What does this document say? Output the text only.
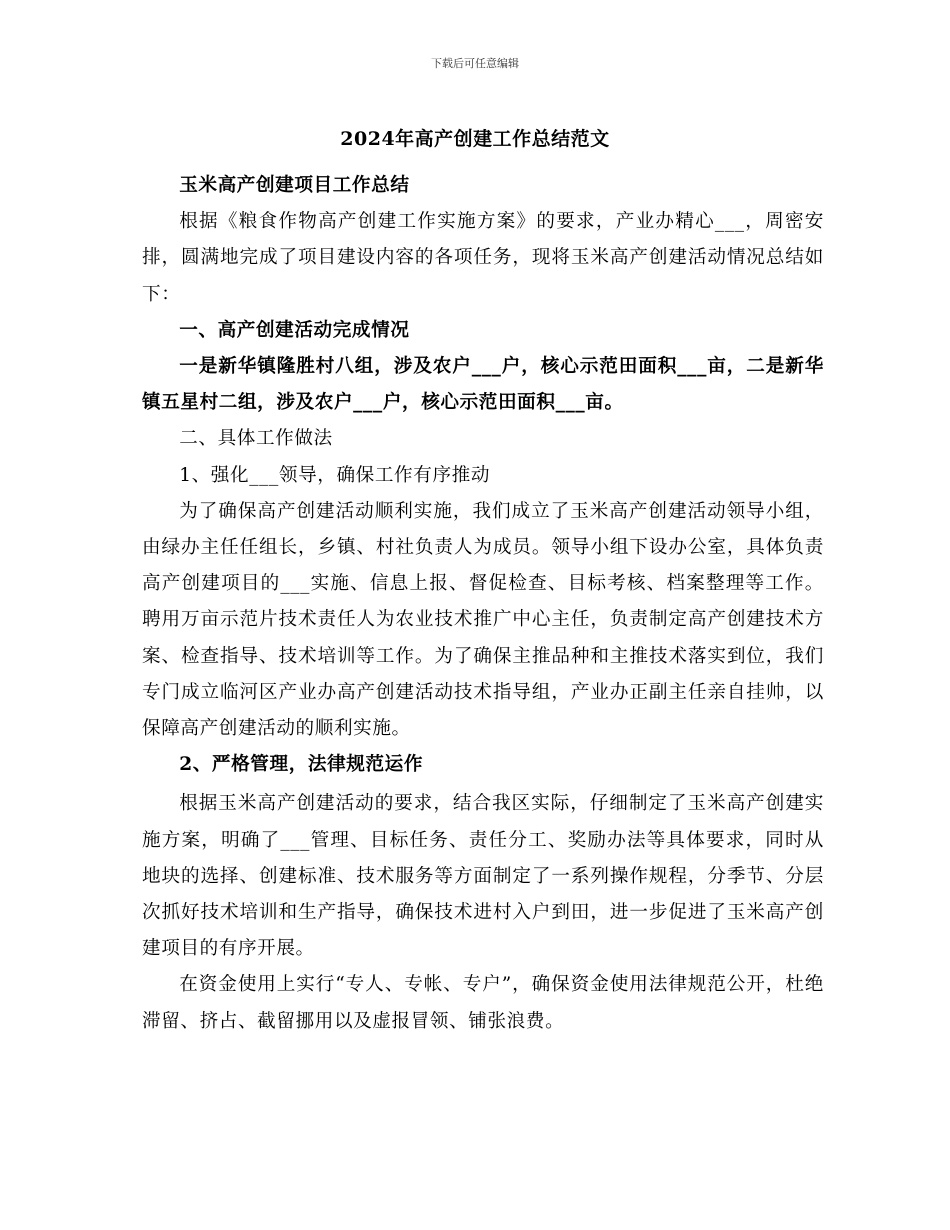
下载后可任意编辑
2024年高产创建工作总结范文

玉米高产创建项目工作总结

根据《粮食作物高产创建工作实施方案》的要求，产业办精心___，周密安排，圆满地完成了项目建设内容的各项任务，现将玉米高产创建活动情况总结如下：

一、高产创建活动完成情况

一是新华镇隆胜村八组，涉及农户___户，核心示范田面积___亩，二是新华镇五星村二组，涉及农户___户，核心示范田面积___亩。

二、具体工作做法

1、强化___领导，确保工作有序推动

为了确保高产创建活动顺利实施，我们成立了玉米高产创建活动领导小组，由绿办主任任组长，乡镇、村社负责人为成员。领导小组下设办公室，具体负责高产创建项目的___实施、信息上报、督促检查、目标考核、档案整理等工作。聘用万亩示范片技术责任人为农业技术推广中心主任，负责制定高产创建技术方案、检查指导、技术培训等工作。为了确保主推品种和主推技术落实到位，我们专门成立临河区产业办高产创建活动技术指导组，产业办正副主任亲自挂帅，以保障高产创建活动的顺利实施。

2、严格管理，法律规范运作

根据玉米高产创建活动的要求，结合我区实际，仔细制定了玉米高产创建实施方案，明确了___管理、目标任务、责任分工、奖励办法等具体要求，同时从地块的选择、创建标准、技术服务等方面制定了一系列操作规程，分季节、分层次抓好技术培训和生产指导，确保技术进村入户到田，进一步促进了玉米高产创建项目的有序开展。

在资金使用上实行“专人、专帐、专户”，确保资金使用法律规范公开，杜绝滞留、挤占、截留挪用以及虚报冒领、铺张浪费。
